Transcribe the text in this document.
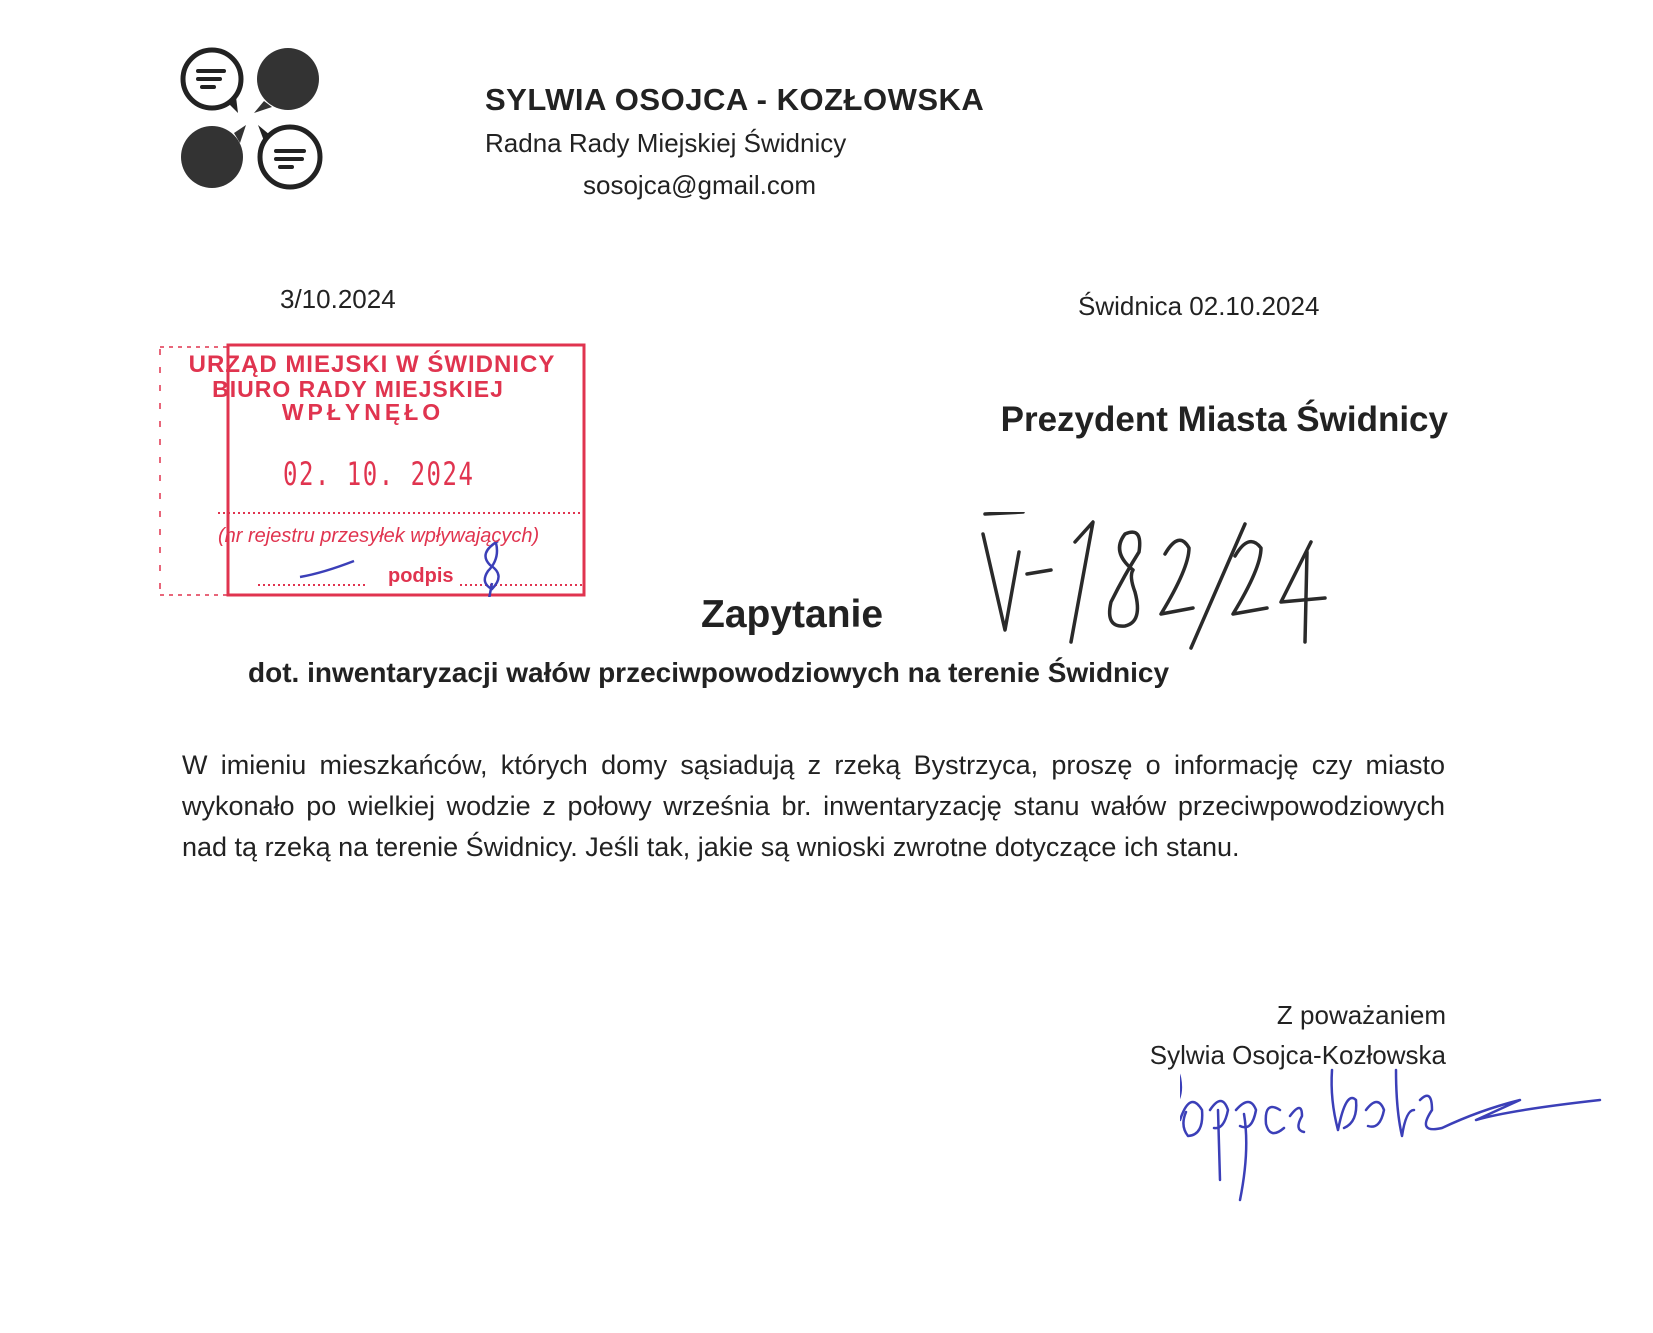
SYLWIA OSOJCA - KOZŁOWSKA
Radna Rady Miejskiej Świdnicy
sosojca@gmail.com
3/10.2024	Świdnica 02.10.2024
URZĄD MIEJSKI W ŚWIDNICY
BIURO RADY MIEJSKIEJ
WPŁYNĘŁO
02. 10. 2024
(nr rejestru przesyłek wpływających)
podpis
Prezydent Miasta Świdnicy
Zapytanie
dot. inwentaryzacji wałów przeciwpowodziowych na terenie Świdnicy
W imieniu mieszkańców, których domy sąsiadują z rzeką Bystrzyca, proszę o informację czy miasto wykonało po wielkiej wodzie z połowy września br. inwentaryzację stanu wałów przeciwpowodziowych nad tą rzeką na terenie Świdnicy. Jeśli tak, jakie są wnioski zwrotne dotyczące ich stanu.
Z poważaniem
Sylwia Osojca-Kozłowska
